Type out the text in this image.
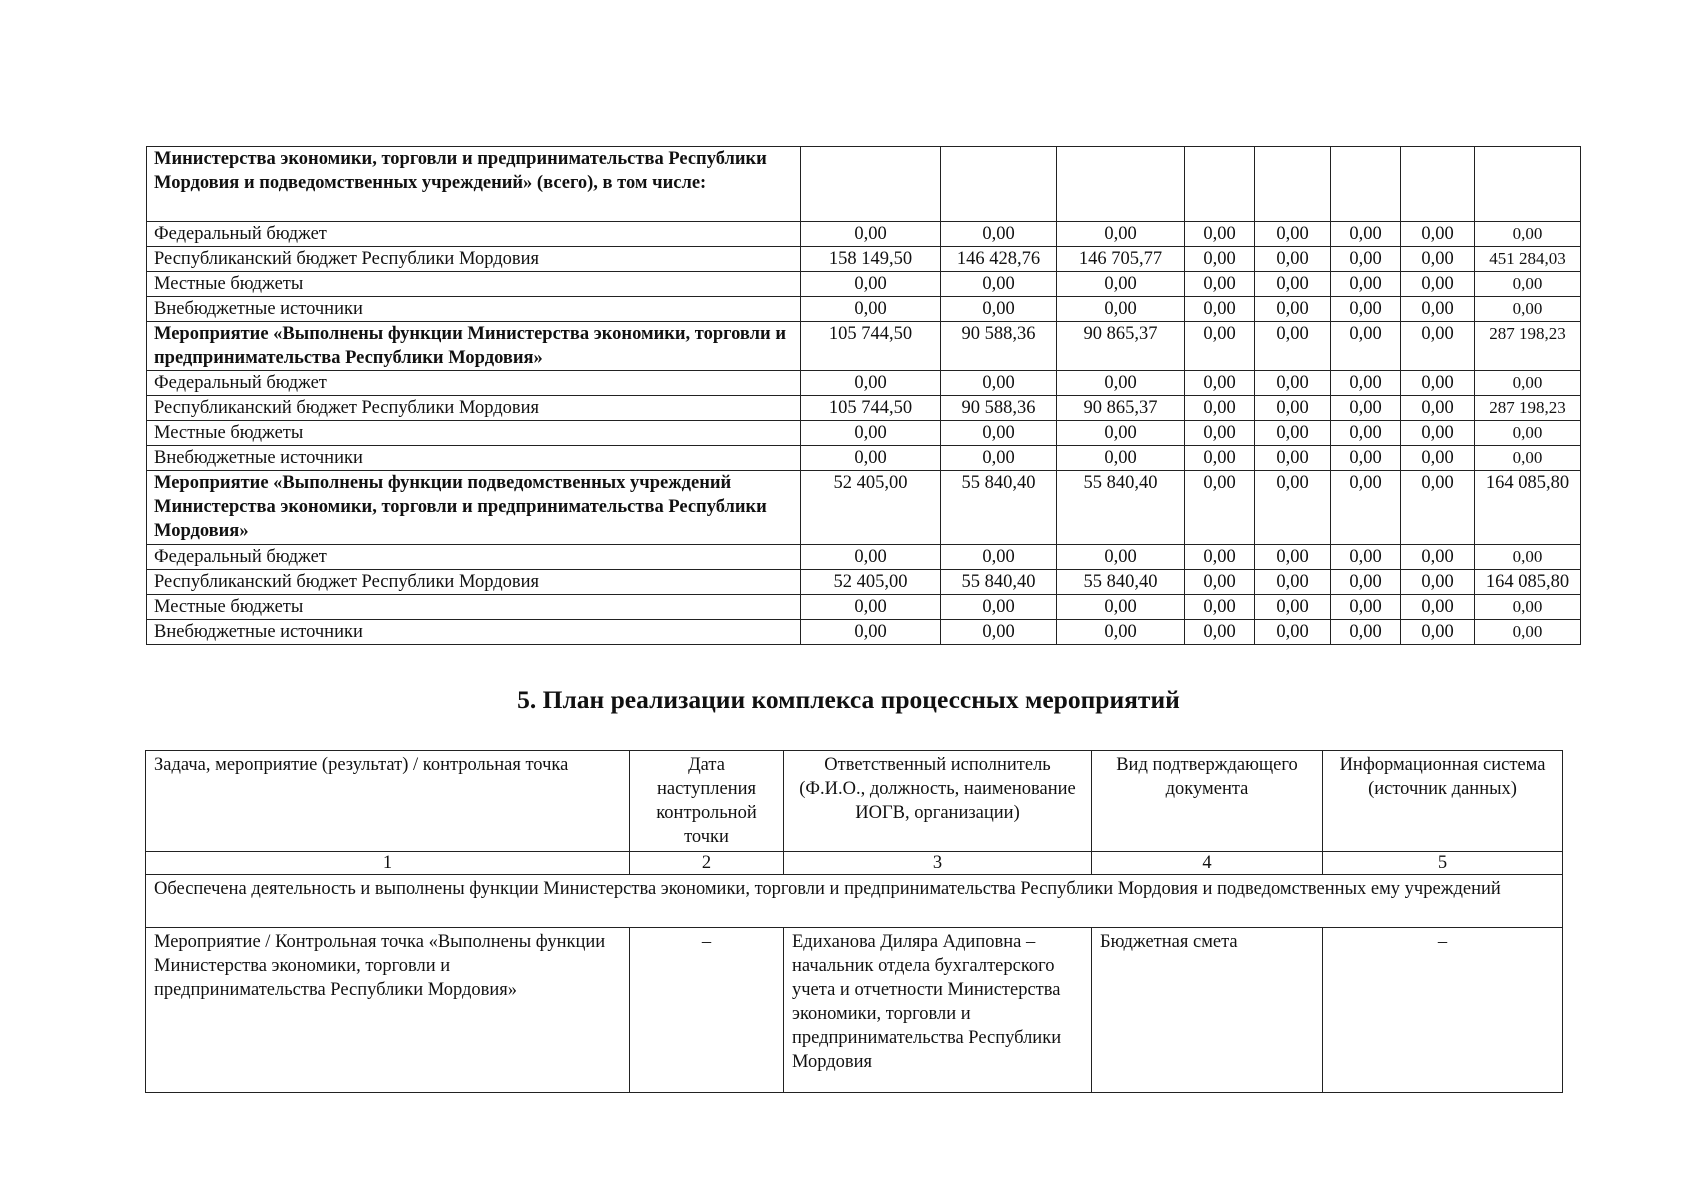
Министерства экономики, торговли и предпринимательства Республики Мордовия и подведомственных учреждений» (всего), в том числе:								
Федеральный бюджет	0,00	0,00	0,00	0,00	0,00	0,00	0,00	0,00
Республиканский бюджет Республики Мордовия	158 149,50	146 428,76	146 705,77	0,00	0,00	0,00	0,00	451 284,03
Местные бюджеты	0,00	0,00	0,00	0,00	0,00	0,00	0,00	0,00
Внебюджетные источники	0,00	0,00	0,00	0,00	0,00	0,00	0,00	0,00
Мероприятие «Выполнены функции Министерства экономики, торговли и предпринимательства Республики Мордовия»	105 744,50	90 588,36	90 865,37	0,00	0,00	0,00	0,00	287 198,23
Федеральный бюджет	0,00	0,00	0,00	0,00	0,00	0,00	0,00	0,00
Республиканский бюджет Республики Мордовия	105 744,50	90 588,36	90 865,37	0,00	0,00	0,00	0,00	287 198,23
Местные бюджеты	0,00	0,00	0,00	0,00	0,00	0,00	0,00	0,00
Внебюджетные источники	0,00	0,00	0,00	0,00	0,00	0,00	0,00	0,00
Мероприятие «Выполнены функции подведомственных учреждений Министерства экономики, торговли и предпринимательства Республики Мордовия»	52 405,00	55 840,40	55 840,40	0,00	0,00	0,00	0,00	164 085,80
Федеральный бюджет	0,00	0,00	0,00	0,00	0,00	0,00	0,00	0,00
Республиканский бюджет Республики Мордовия	52 405,00	55 840,40	55 840,40	0,00	0,00	0,00	0,00	164 085,80
Местные бюджеты	0,00	0,00	0,00	0,00	0,00	0,00	0,00	0,00
Внебюджетные источники	0,00	0,00	0,00	0,00	0,00	0,00	0,00	0,00
5. План реализации комплекса процессных мероприятий
Задача, мероприятие (результат) / контрольная точка	Дата наступления контрольной точки	Ответственный исполнитель (Ф.И.О., должность, наименование ИОГВ, организации)	Вид подтверждающего документа	Информационная система (источник данных)
1	2	3	4	5
Обеспечена деятельность и выполнены функции Министерства экономики, торговли и предпринимательства Республики Мордовия и подведомственных ему учреждений				
Мероприятие / Контрольная точка «Выполнены функции Министерства экономики, торговли и предпринимательства Республики Мордовия»	–	Едиханова Диляра Адиповна – начальник отдела бухгалтерского учета и отчетности Министерства экономики, торговли и предпринимательства Республики Мордовия	Бюджетная смета	–
